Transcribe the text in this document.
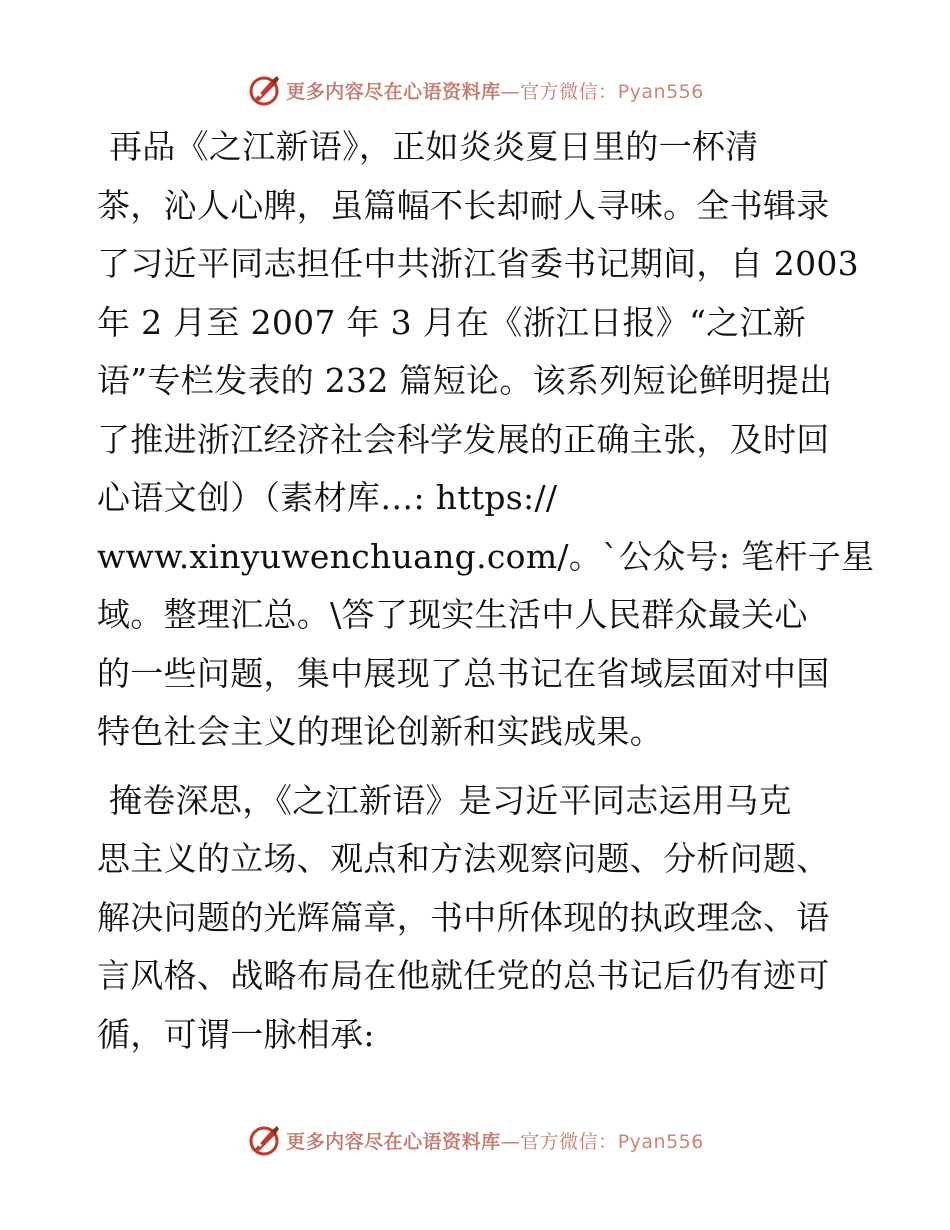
更多内容尽在心语资料库—官方微信：Pyan556
再品《之江新语》，正如炎炎夏日里的一杯清
茶，沁人心脾，虽篇幅不长却耐人寻味。全书辑录
了习近平同志担任中共浙江省委书记期间，自 2003
年 2 月至 2007 年 3 月在《浙江日报》“之江新
语”专栏发表的 232 篇短论。该系列短论鲜明提出
了推进浙江经济社会科学发展的正确主张，及时回
心语文创）（素材库…: https://
www.xinyuwenchuang.com/。`公众号: 笔杆子星
域。整理汇总。\答了现实生活中人民群众最关心
的一些问题，集中展现了总书记在省域层面对中国
特色社会主义的理论创新和实践成果。
掩卷深思，《之江新语》是习近平同志运用马克
思主义的立场、观点和方法观察问题、分析问题、
解决问题的光辉篇章，书中所体现的执政理念、语
言风格、战略布局在他就任党的总书记后仍有迹可
循，可谓一脉相承:
更多内容尽在心语资料库—官方微信：Pyan556
